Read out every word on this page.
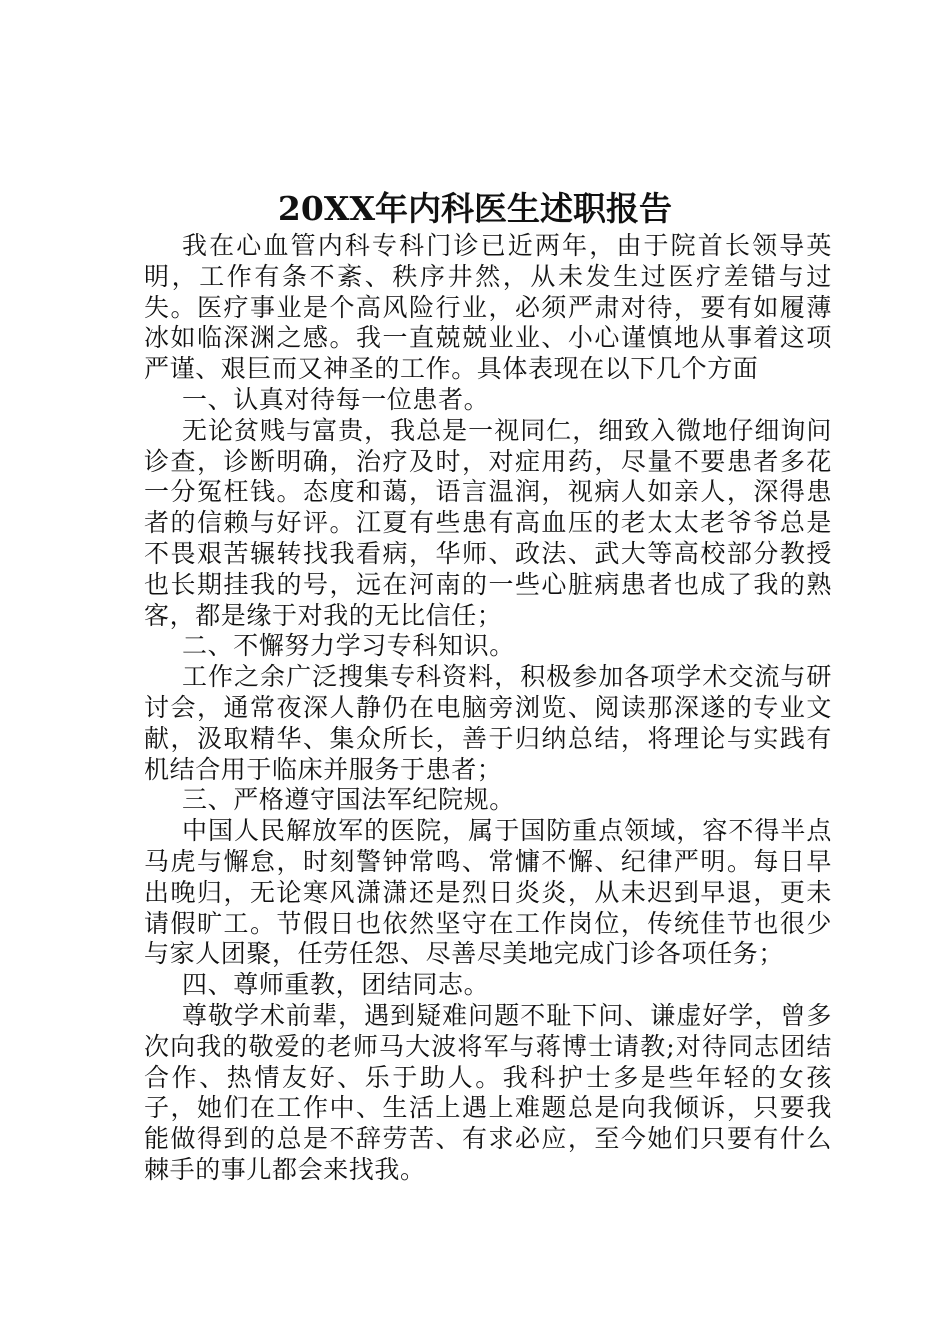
20XX年内科医生述职报告

我在心血管内科专科门诊已近两年，由于院首长领导英明，工作有条不紊、秩序井然，从未发生过医疗差错与过失。医疗事业是个高风险行业，必须严肃对待，要有如履薄冰如临深渊之感。我一直兢兢业业、小心谨慎地从事着这项严谨、艰巨而又神圣的工作。具体表现在以下几个方面

一、认真对待每一位患者。

无论贫贱与富贵，我总是一视同仁，细致入微地仔细询问诊查，诊断明确，治疗及时，对症用药，尽量不要患者多花一分冤枉钱。态度和蔼，语言温润，视病人如亲人，深得患者的信赖与好评。江夏有些患有高血压的老太太老爷爷总是不畏艰苦辗转找我看病，华师、政法、武大等高校部分教授也长期挂我的号，远在河南的一些心脏病患者也成了我的熟客，都是缘于对我的无比信任；

二、不懈努力学习专科知识。

工作之余广泛搜集专科资料，积极参加各项学术交流与研讨会，通常夜深人静仍在电脑旁浏览、阅读那深遂的专业文献，汲取精华、集众所长，善于归纳总结，将理论与实践有机结合用于临床并服务于患者；

三、严格遵守国法军纪院规。

中国人民解放军的医院，属于国防重点领域，容不得半点马虎与懈怠，时刻警钟常鸣、常慵不懈、纪律严明。每日早出晚归，无论寒风潇潇还是烈日炎炎，从未迟到早退，更未请假旷工。节假日也依然坚守在工作岗位，传统佳节也很少与家人团聚，任劳任怨、尽善尽美地完成门诊各项任务；

四、尊师重教，团结同志。

尊敬学术前辈，遇到疑难问题不耻下问、谦虚好学，曾多次向我的敬爱的老师马大波将军与蒋博士请教;对待同志团结合作、热情友好、乐于助人。我科护士多是些年轻的女孩子，她们在工作中、生活上遇上难题总是向我倾诉，只要我能做得到的总是不辞劳苦、有求必应，至今她们只要有什么棘手的事儿都会来找我。
